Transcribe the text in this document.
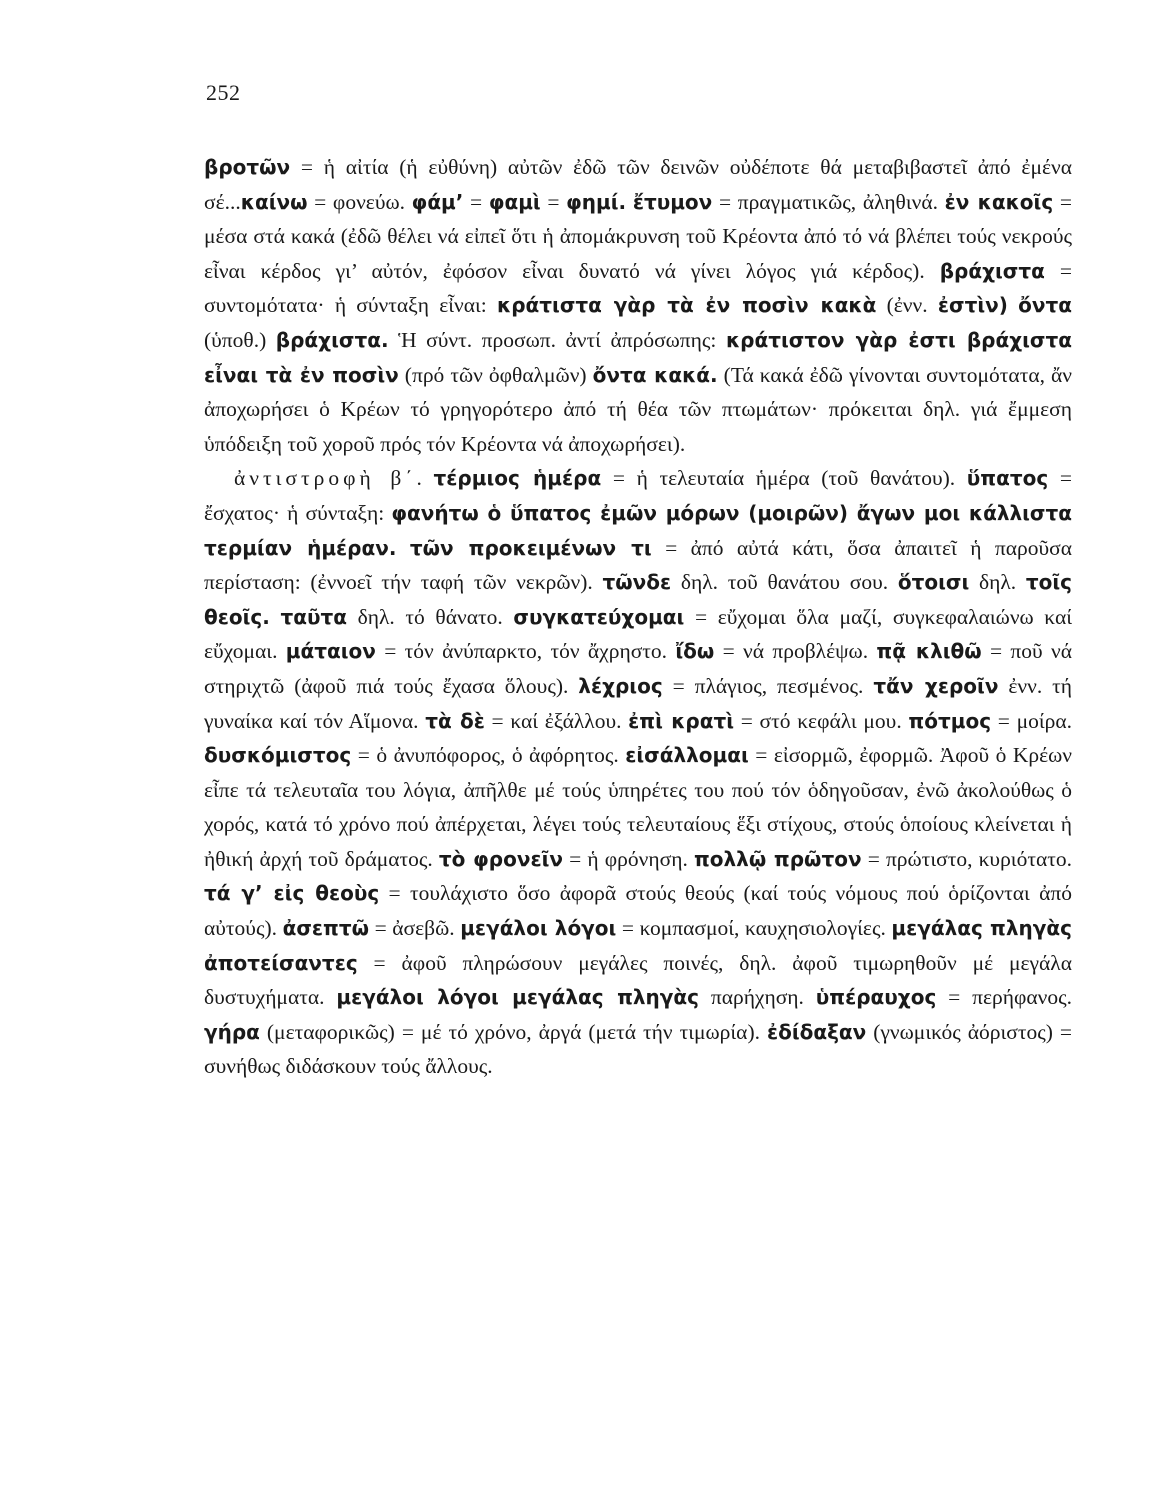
252

βροτῶν = ἡ αἰτία (ἡ εὐθύνη) αὐτῶν ἐδῶ τῶν δεινῶν οὐδέποτε θά μεταβιβαστεῖ ἀπό ἐμένα σέ...καίνω = φονεύω. φάμ’ = φαμὶ = φημί. ἔτυμον = πραγματικῶς, ἀληθινά. ἐν κακοῖς = μέσα στά κακά (ἐδῶ θέλει νά εἰπεῖ ὅτι ἡ ἀπομάκρυνση τοῦ Κρέοντα ἀπό τό νά βλέπει τούς νεκρούς εἶναι κέρδος γι’ αὐτόν, ἐφόσον εἶναι δυνατό νά γίνει λόγος γιά κέρδος). βράχιστα = συντομότατα· ἡ σύνταξη εἶναι: κράτιστα γὰρ τὰ ἐν ποσὶν κακὰ (ἐνν. ἐστὶν) ὄντα (ὑποθ.) βράχιστα. Ἡ σύντ. προσωπ. ἀντί ἀπρόσωπης: κράτιστον γὰρ ἐστι βράχιστα εἶναι τὰ ἐν ποσὶν (πρό τῶν ὀφθαλμῶν) ὄντα κακά. (Τά κακά ἐδῶ γίνονται συντομότατα, ἄν ἀποχωρήσει ὁ Κρέων τό γρηγορότερο ἀπό τή θέα τῶν πτωμάτων· πρόκειται δηλ. γιά ἔμμεση ὑπόδειξη τοῦ χοροῦ πρός τόν Κρέοντα νά ἀποχωρήσει).

ἀντιστροφὴ β΄. τέρμιος ἡμέρα = ἡ τελευταία ἡμέρα (τοῦ θανάτου). ὕπατος = ἔσχατος· ἡ σύνταξη: φανήτω ὁ ὕπατος ἐμῶν μόρων (μοιρῶν) ἄγων μοι κάλλιστα τερμίαν ἡμέραν. τῶν προκειμένων τι = ἀπό αὐτά κάτι, ὅσα ἀπαιτεῖ ἡ παροῦσα περίσταση: (ἐννοεῖ τήν ταφή τῶν νεκρῶν). τῶνδε δηλ. τοῦ θανάτου σου. ὅτοισι δηλ. τοῖς θεοῖς. ταῦτα δηλ. τό θάνατο. συγκατεύχομαι = εὔχομαι ὅλα μαζί, συγκεφαλαιώνω καί εὔχομαι. μάταιον = τόν ἀνύπαρκτο, τόν ἄχρηστο. ἴδω = νά προβλέψω. πᾷ κλιθῶ = ποῦ νά στηριχτῶ (ἀφοῦ πιά τούς ἔχασα ὅλους). λέχριος = πλάγιος, πεσμένος. τἄν χεροῖν ἐνν. τή γυναίκα καί τόν Αἵμονα. τὰ δὲ = καί ἐξάλλου. ἐπὶ κρατὶ = στό κεφάλι μου. πότμος = μοίρα. δυσκόμιστος = ὁ ἀνυπόφορος, ὁ ἀφόρητος. εἰσάλλομαι = εἰσορμῶ, ἐφορμῶ. Ἀφοῦ ὁ Κρέων εἶπε τά τελευταῖα του λόγια, ἀπῆλθε μέ τούς ὑπηρέτες του πού τόν ὁδηγοῦσαν, ἐνῶ ἀκολούθως ὁ χορός, κατά τό χρόνο πού ἀπέρχεται, λέγει τούς τελευταίους ἕξι στίχους, στούς ὁποίους κλείνεται ἡ ἠθική ἀρχή τοῦ δράματος. τὸ φρονεῖν = ἡ φρόνηση. πολλῷ πρῶτον = πρώτιστο, κυριότατο. τά γ’ εἰς θεοὺς = τουλάχιστο ὅσο ἀφορᾶ στούς θεούς (καί τούς νόμους πού ὁρίζονται ἀπό αὐτούς). ἀσεπτῶ = ἀσεβῶ. μεγάλοι λόγοι = κομπασμοί, καυχησιολογίες. μεγάλας πληγὰς ἀποτείσαντες = ἀφοῦ πληρώσουν μεγάλες ποινές, δηλ. ἀφοῦ τιμωρηθοῦν μέ μεγάλα δυστυχήματα. μεγάλοι λόγοι μεγάλας πληγὰς παρήχηση. ὑπέραυχος = περήφανος. γήρα (μεταφορικῶς) = μέ τό χρόνο, ἀργά (μετά τήν τιμωρία). ἐδίδαξαν (γνωμικός ἀόριστος) = συνήθως διδάσκουν τούς ἄλλους.
